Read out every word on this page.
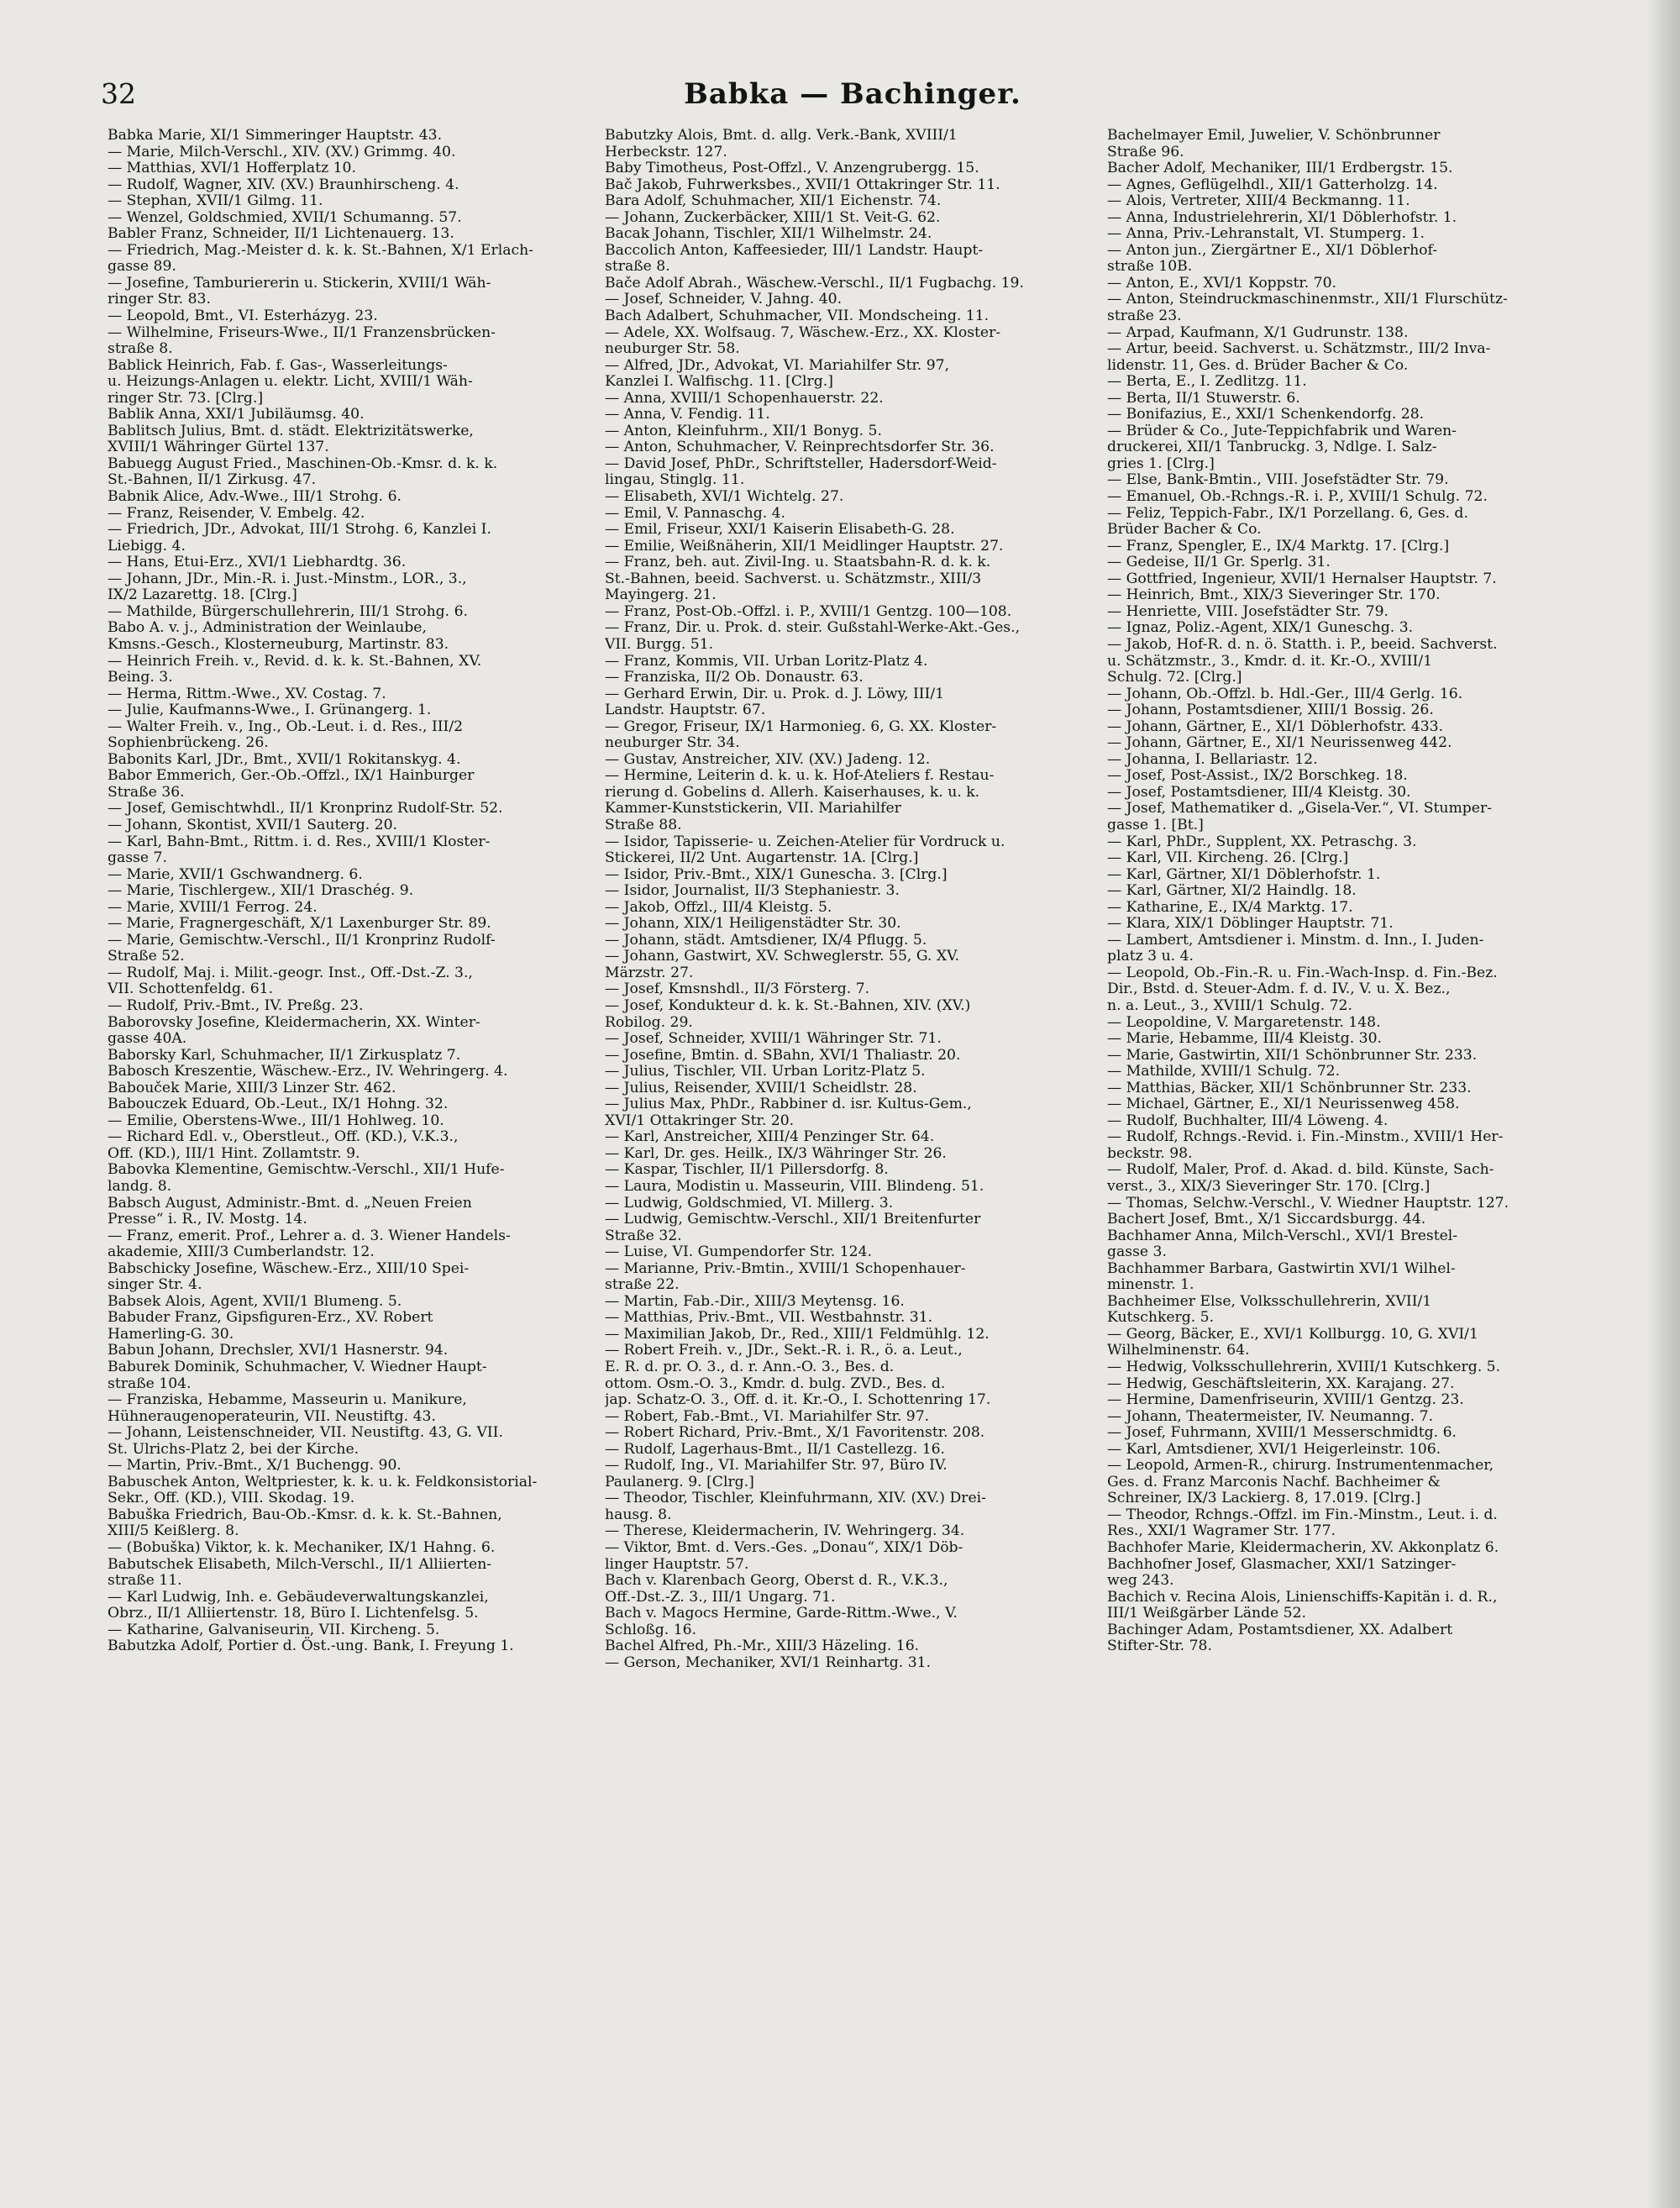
32	Babka — Bachinger.
Babka Marie, XI/1 Simmeringer Hauptstr. 43.
— Marie, Milch-Verschl., XIV. (XV.) Grimmg. 40.
— Matthias, XVI/1 Hofferplatz 10.
— Rudolf, Wagner, XIV. (XV.) Braunhirscheng. 4.
— Stephan, XVII/1 Gilmg. 11.
— Wenzel, Goldschmied, XVII/1 Schumanng. 57.
Babler Franz, Schneider, II/1 Lichtenauerg. 13.
— Friedrich, Mag.-Meister d. k. k. St.-Bahnen, X/1 Erlach-
gasse 89.
— Josefine, Tamburiererin u. Stickerin, XVIII/1 Wäh-
ringer Str. 83.
— Leopold, Bmt., VI. Esterházyg. 23.
— Wilhelmine, Friseurs-Wwe., II/1 Franzensbrücken-
straße 8.
Bablick Heinrich, Fab. f. Gas-, Wasserleitungs-
u. Heizungs-Anlagen u. elektr. Licht, XVIII/1 Wäh-
ringer Str. 73. [Clrg.]
Bablik Anna, XXI/1 Jubiläumsg. 40.
Bablitsch Julius, Bmt. d. städt. Elektrizitätswerke,
XVIII/1 Währinger Gürtel 137.
Babuegg August Fried., Maschinen-Ob.-Kmsr. d. k. k.
St.-Bahnen, II/1 Zirkusg. 47.
Babnik Alice, Adv.-Wwe., III/1 Strohg. 6.
— Franz, Reisender, V. Embelg. 42.
— Friedrich, JDr., Advokat, III/1 Strohg. 6, Kanzlei I.
Liebigg. 4.
— Hans, Etui-Erz., XVI/1 Liebhardtg. 36.
— Johann, JDr., Min.-R. i. Just.-Minstm., LOR., 3.,
IX/2 Lazarettg. 18. [Clrg.]
— Mathilde, Bürgerschullehrerin, III/1 Strohg. 6.
Babo A. v. j., Administration der Weinlaube,
Kmsns.-Gesch., Klosterneuburg, Martinstr. 83.
— Heinrich Freih. v., Revid. d. k. k. St.-Bahnen, XV.
Being. 3.
— Herma, Rittm.-Wwe., XV. Costag. 7.
— Julie, Kaufmanns-Wwe., I. Grünangerg. 1.
— Walter Freih. v., Ing., Ob.-Leut. i. d. Res., III/2
Sophienbrückeng. 26.
Babonits Karl, JDr., Bmt., XVII/1 Rokitanskyg. 4.
Babor Emmerich, Ger.-Ob.-Offzl., IX/1 Hainburger
Straße 36.
— Josef, Gemischtwhdl., II/1 Kronprinz Rudolf-Str. 52.
— Johann, Skontist, XVII/1 Sauterg. 20.
— Karl, Bahn-Bmt., Rittm. i. d. Res., XVIII/1 Kloster-
gasse 7.
— Marie, XVII/1 Gschwandnerg. 6.
— Marie, Tischlergew., XII/1 Draschég. 9.
— Marie, XVIII/1 Ferrog. 24.
— Marie, Fragnergeschäft, X/1 Laxenburger Str. 89.
— Marie, Gemischtw.-Verschl., II/1 Kronprinz Rudolf-
Straße 52.
— Rudolf, Maj. i. Milit.-geogr. Inst., Off.-Dst.-Z. 3.,
VII. Schottenfeldg. 61.
— Rudolf, Priv.-Bmt., IV. Preßg. 23.
Baborovsky Josefine, Kleidermacherin, XX. Winter-
gasse 40A.
Baborsky Karl, Schuhmacher, II/1 Zirkusplatz 7.
Babosch Kreszentie, Wäschew.-Erz., IV. Wehringerg. 4.
Babouček Marie, XIII/3 Linzer Str. 462.
Babouczek Eduard, Ob.-Leut., IX/1 Hohng. 32.
— Emilie, Oberstens-Wwe., III/1 Hohlweg. 10.
— Richard Edl. v., Oberstleut., Off. (KD.), V.K.3.,
Off. (KD.), III/1 Hint. Zollamtstr. 9.
Babovka Klementine, Gemischtw.-Verschl., XII/1 Hufe-
landg. 8.
Babsch August, Administr.-Bmt. d. „Neuen Freien
Presse“ i. R., IV. Mostg. 14.
— Franz, emerit. Prof., Lehrer a. d. 3. Wiener Handels-
akademie, XIII/3 Cumberlandstr. 12.
Babschicky Josefine, Wäschew.-Erz., XIII/10 Spei-
singer Str. 4.
Babsek Alois, Agent, XVII/1 Blumeng. 5.
Babuder Franz, Gipsfiguren-Erz., XV. Robert
Hamerling-G. 30.
Babun Johann, Drechsler, XVI/1 Hasnerstr. 94.
Baburek Dominik, Schuhmacher, V. Wiedner Haupt-
straße 104.
— Franziska, Hebamme, Masseurin u. Manikure,
Hühneraugenoperateurin, VII. Neustiftg. 43.
— Johann, Leistenschneider, VII. Neustiftg. 43, G. VII.
St. Ulrichs-Platz 2, bei der Kirche.
— Martin, Priv.-Bmt., X/1 Buchengg. 90.
Babuschek Anton, Weltpriester, k. k. u. k. Feldkonsistorial-
Sekr., Off. (KD.), VIII. Skodag. 19.
Babuška Friedrich, Bau-Ob.-Kmsr. d. k. k. St.-Bahnen,
XIII/5 Keißlerg. 8.
— (Bobuška) Viktor, k. k. Mechaniker, IX/1 Hahng. 6.
Babutschek Elisabeth, Milch-Verschl., II/1 Alliierten-
straße 11.
— Karl Ludwig, Inh. e. Gebäudeverwaltungskanzlei,
Obrz., II/1 Alliiertenstr. 18, Büro I. Lichtenfelsg. 5.
— Katharine, Galvaniseurin, VII. Kircheng. 5.
Babutzka Adolf, Portier d. Öst.-ung. Bank, I. Freyung 1.
Babutzky Alois, Bmt. d. allg. Verk.-Bank, XVIII/1
Herbeckstr. 127.
Baby Timotheus, Post-Offzl., V. Anzengrubergg. 15.
Bač Jakob, Fuhrwerksbes., XVII/1 Ottakringer Str. 11.
Bara Adolf, Schuhmacher, XII/1 Eichenstr. 74.
— Johann, Zuckerbäcker, XIII/1 St. Veit-G. 62.
Bacak Johann, Tischler, XII/1 Wilhelmstr. 24.
Baccolich Anton, Kaffeesieder, III/1 Landstr. Haupt-
straße 8.
Bače Adolf Abrah., Wäschew.-Verschl., II/1 Fugbachg. 19.
— Josef, Schneider, V. Jahng. 40.
Bach Adalbert, Schuhmacher, VII. Mondscheing. 11.
— Adele, XX. Wolfsaug. 7, Wäschew.-Erz., XX. Kloster-
neuburger Str. 58.
— Alfred, JDr., Advokat, VI. Mariahilfer Str. 97,
Kanzlei I. Walfischg. 11. [Clrg.]
— Anna, XVIII/1 Schopenhauerstr. 22.
— Anna, V. Fendig. 11.
— Anton, Kleinfuhrm., XII/1 Bonyg. 5.
— Anton, Schuhmacher, V. Reinprechtsdorfer Str. 36.
— David Josef, PhDr., Schriftsteller, Hadersdorf-Weid-
lingau, Stinglg. 11.
— Elisabeth, XVI/1 Wichtelg. 27.
— Emil, V. Pannaschg. 4.
— Emil, Friseur, XXI/1 Kaiserin Elisabeth-G. 28.
— Emilie, Weißnäherin, XII/1 Meidlinger Hauptstr. 27.
— Franz, beh. aut. Zivil-Ing. u. Staatsbahn-R. d. k. k.
St.-Bahnen, beeid. Sachverst. u. Schätzmstr., XIII/3
Mayingerg. 21.
— Franz, Post-Ob.-Offzl. i. P., XVIII/1 Gentzg. 100—108.
— Franz, Dir. u. Prok. d. steir. Gußstahl-Werke-Akt.-Ges.,
VII. Burgg. 51.
— Franz, Kommis, VII. Urban Loritz-Platz 4.
— Franziska, II/2 Ob. Donaustr. 63.
— Gerhard Erwin, Dir. u. Prok. d. J. Löwy, III/1
Landstr. Hauptstr. 67.
— Gregor, Friseur, IX/1 Harmonieg. 6, G. XX. Kloster-
neuburger Str. 34.
— Gustav, Anstreicher, XIV. (XV.) Jadeng. 12.
— Hermine, Leiterin d. k. u. k. Hof-Ateliers f. Restau-
rierung d. Gobelins d. Allerh. Kaiserhauses, k. u. k.
Kammer-Kunststickerin, VII. Mariahilfer
Straße 88.
— Isidor, Tapisserie- u. Zeichen-Atelier für Vordruck u.
Stickerei, II/2 Unt. Augartenstr. 1A. [Clrg.]
— Isidor, Priv.-Bmt., XIX/1 Gunescha. 3. [Clrg.]
— Isidor, Journalist, II/3 Stephaniestr. 3.
— Jakob, Offzl., III/4 Kleistg. 5.
— Johann, XIX/1 Heiligenstädter Str. 30.
— Johann, städt. Amtsdiener, IX/4 Pflugg. 5.
— Johann, Gastwirt, XV. Schweglerstr. 55, G. XV.
Märzstr. 27.
— Josef, Kmsnshdl., II/3 Försterg. 7.
— Josef, Kondukteur d. k. k. St.-Bahnen, XIV. (XV.)
Robilog. 29.
— Josef, Schneider, XVIII/1 Währinger Str. 71.
— Josefine, Bmtin. d. SBahn, XVI/1 Thaliastr. 20.
— Julius, Tischler, VII. Urban Loritz-Platz 5.
— Julius, Reisender, XVIII/1 Scheidlstr. 28.
— Julius Max, PhDr., Rabbiner d. isr. Kultus-Gem.,
XVI/1 Ottakringer Str. 20.
— Karl, Anstreicher, XIII/4 Penzinger Str. 64.
— Karl, Dr. ges. Heilk., IX/3 Währinger Str. 26.
— Kaspar, Tischler, II/1 Pillersdorfg. 8.
— Laura, Modistin u. Masseurin, VIII. Blindeng. 51.
— Ludwig, Goldschmied, VI. Millerg. 3.
— Ludwig, Gemischtw.-Verschl., XII/1 Breitenfurter
Straße 32.
— Luise, VI. Gumpendorfer Str. 124.
— Marianne, Priv.-Bmtin., XVIII/1 Schopenhauer-
straße 22.
— Martin, Fab.-Dir., XIII/3 Meytensg. 16.
— Matthias, Priv.-Bmt., VII. Westbahnstr. 31.
— Maximilian Jakob, Dr., Red., XIII/1 Feldmühlg. 12.
— Robert Freih. v., JDr., Sekt.-R. i. R., ö. a. Leut.,
E. R. d. pr. O. 3., d. r. Ann.-O. 3., Bes. d.
ottom. Osm.-O. 3., Kmdr. d. bulg. ZVD., Bes. d.
jap. Schatz-O. 3., Off. d. it. Kr.-O., I. Schottenring 17.
— Robert, Fab.-Bmt., VI. Mariahilfer Str. 97.
— Robert Richard, Priv.-Bmt., X/1 Favoritenstr. 208.
— Rudolf, Lagerhaus-Bmt., II/1 Castellezg. 16.
— Rudolf, Ing., VI. Mariahilfer Str. 97, Büro IV.
Paulanerg. 9. [Clrg.]
— Theodor, Tischler, Kleinfuhrmann, XIV. (XV.) Drei-
hausg. 8.
— Therese, Kleidermacherin, IV. Wehringerg. 34.
— Viktor, Bmt. d. Vers.-Ges. „Donau“, XIX/1 Döb-
linger Hauptstr. 57.
Bach v. Klarenbach Georg, Oberst d. R., V.K.3.,
Off.-Dst.-Z. 3., III/1 Ungarg. 71.
Bach v. Magocs Hermine, Garde-Rittm.-Wwe., V.
Schloßg. 16.
Bachel Alfred, Ph.-Mr., XIII/3 Häzeling. 16.
— Gerson, Mechaniker, XVI/1 Reinhartg. 31.
Bachelmayer Emil, Juwelier, V. Schönbrunner
Straße 96.
Bacher Adolf, Mechaniker, III/1 Erdbergstr. 15.
— Agnes, Geflügelhdl., XII/1 Gatterholzg. 14.
— Alois, Vertreter, XIII/4 Beckmanng. 11.
— Anna, Industrielehrerin, XI/1 Döblerhofstr. 1.
— Anna, Priv.-Lehranstalt, VI. Stumperg. 1.
— Anton jun., Ziergärtner E., XI/1 Döblerhof-
straße 10B.
— Anton, E., XVI/1 Koppstr. 70.
— Anton, Steindruckmaschinenmstr., XII/1 Flurschütz-
straße 23.
— Arpad, Kaufmann, X/1 Gudrunstr. 138.
— Artur, beeid. Sachverst. u. Schätzmstr., III/2 Inva-
lidenstr. 11, Ges. d. Brüder Bacher & Co.
— Berta, E., I. Zedlitzg. 11.
— Berta, II/1 Stuwerstr. 6.
— Bonifazius, E., XXI/1 Schenkendorfg. 28.
— Brüder & Co., Jute-Teppichfabrik und Waren-
druckerei, XII/1 Tanbruckg. 3, Ndlge. I. Salz-
gries 1. [Clrg.]
— Else, Bank-Bmtin., VIII. Josefstädter Str. 79.
— Emanuel, Ob.-Rchngs.-R. i. P., XVIII/1 Schulg. 72.
— Feliz, Teppich-Fabr., IX/1 Porzellang. 6, Ges. d.
Brüder Bacher & Co.
— Franz, Spengler, E., IX/4 Marktg. 17. [Clrg.]
— Gedeise, II/1 Gr. Sperlg. 31.
— Gottfried, Ingenieur, XVII/1 Hernalser Hauptstr. 7.
— Heinrich, Bmt., XIX/3 Sieveringer Str. 170.
— Henriette, VIII. Josefstädter Str. 79.
— Ignaz, Poliz.-Agent, XIX/1 Guneschg. 3.
— Jakob, Hof-R. d. n. ö. Statth. i. P., beeid. Sachverst.
u. Schätzmstr., 3., Kmdr. d. it. Kr.-O., XVIII/1
Schulg. 72. [Clrg.]
— Johann, Ob.-Offzl. b. Hdl.-Ger., III/4 Gerlg. 16.
— Johann, Postamtsdiener, XIII/1 Bossig. 26.
— Johann, Gärtner, E., XI/1 Döblerhofstr. 433.
— Johann, Gärtner, E., XI/1 Neurissenweg 442.
— Johanna, I. Bellariastr. 12.
— Josef, Post-Assist., IX/2 Borschkeg. 18.
— Josef, Postamtsdiener, III/4 Kleistg. 30.
— Josef, Mathematiker d. „Gisela-Ver.“, VI. Stumper-
gasse 1. [Bt.]
— Karl, PhDr., Supplent, XX. Petraschg. 3.
— Karl, VII. Kircheng. 26. [Clrg.]
— Karl, Gärtner, XI/1 Döblerhofstr. 1.
— Karl, Gärtner, XI/2 Haindlg. 18.
— Katharine, E., IX/4 Marktg. 17.
— Klara, XIX/1 Döblinger Hauptstr. 71.
— Lambert, Amtsdiener i. Minstm. d. Inn., I. Juden-
platz 3 u. 4.
— Leopold, Ob.-Fin.-R. u. Fin.-Wach-Insp. d. Fin.-Bez.
Dir., Bstd. d. Steuer-Adm. f. d. IV., V. u. X. Bez.,
n. a. Leut., 3., XVIII/1 Schulg. 72.
— Leopoldine, V. Margaretenstr. 148.
— Marie, Hebamme, III/4 Kleistg. 30.
— Marie, Gastwirtin, XII/1 Schönbrunner Str. 233.
— Mathilde, XVIII/1 Schulg. 72.
— Matthias, Bäcker, XII/1 Schönbrunner Str. 233.
— Michael, Gärtner, E., XI/1 Neurissenweg 458.
— Rudolf, Buchhalter, III/4 Löweng. 4.
— Rudolf, Rchngs.-Revid. i. Fin.-Minstm., XVIII/1 Her-
beckstr. 98.
— Rudolf, Maler, Prof. d. Akad. d. bild. Künste, Sach-
verst., 3., XIX/3 Sieveringer Str. 170. [Clrg.]
— Thomas, Selchw.-Verschl., V. Wiedner Hauptstr. 127.
Bachert Josef, Bmt., X/1 Siccardsburgg. 44.
Bachhamer Anna, Milch-Verschl., XVI/1 Brestel-
gasse 3.
Bachhammer Barbara, Gastwirtin XVI/1 Wilhel-
minenstr. 1.
Bachheimer Else, Volksschullehrerin, XVII/1
Kutschkerg. 5.
— Georg, Bäcker, E., XVI/1 Kollburgg. 10, G. XVI/1
Wilhelminenstr. 64.
— Hedwig, Volksschullehrerin, XVIII/1 Kutschkerg. 5.
— Hedwig, Geschäftsleiterin, XX. Karajang. 27.
— Hermine, Damenfriseurin, XVIII/1 Gentzg. 23.
— Johann, Theatermeister, IV. Neumanng. 7.
— Josef, Fuhrmann, XVIII/1 Messerschmidtg. 6.
— Karl, Amtsdiener, XVI/1 Heigerleinstr. 106.
— Leopold, Armen-R., chirurg. Instrumentenmacher,
Ges. d. Franz Marconis Nachf. Bachheimer &
Schreiner, IX/3 Lackierg. 8, 17.019. [Clrg.]
— Theodor, Rchngs.-Offzl. im Fin.-Minstm., Leut. i. d.
Res., XXI/1 Wagramer Str. 177.
Bachhofer Marie, Kleidermacherin, XV. Akkonplatz 6.
Bachhofner Josef, Glasmacher, XXI/1 Satzinger-
weg 243.
Bachich v. Recina Alois, Linienschiffs-Kapitän i. d. R.,
III/1 Weißgärber Lände 52.
Bachinger Adam, Postamtsdiener, XX. Adalbert
Stifter-Str. 78.
